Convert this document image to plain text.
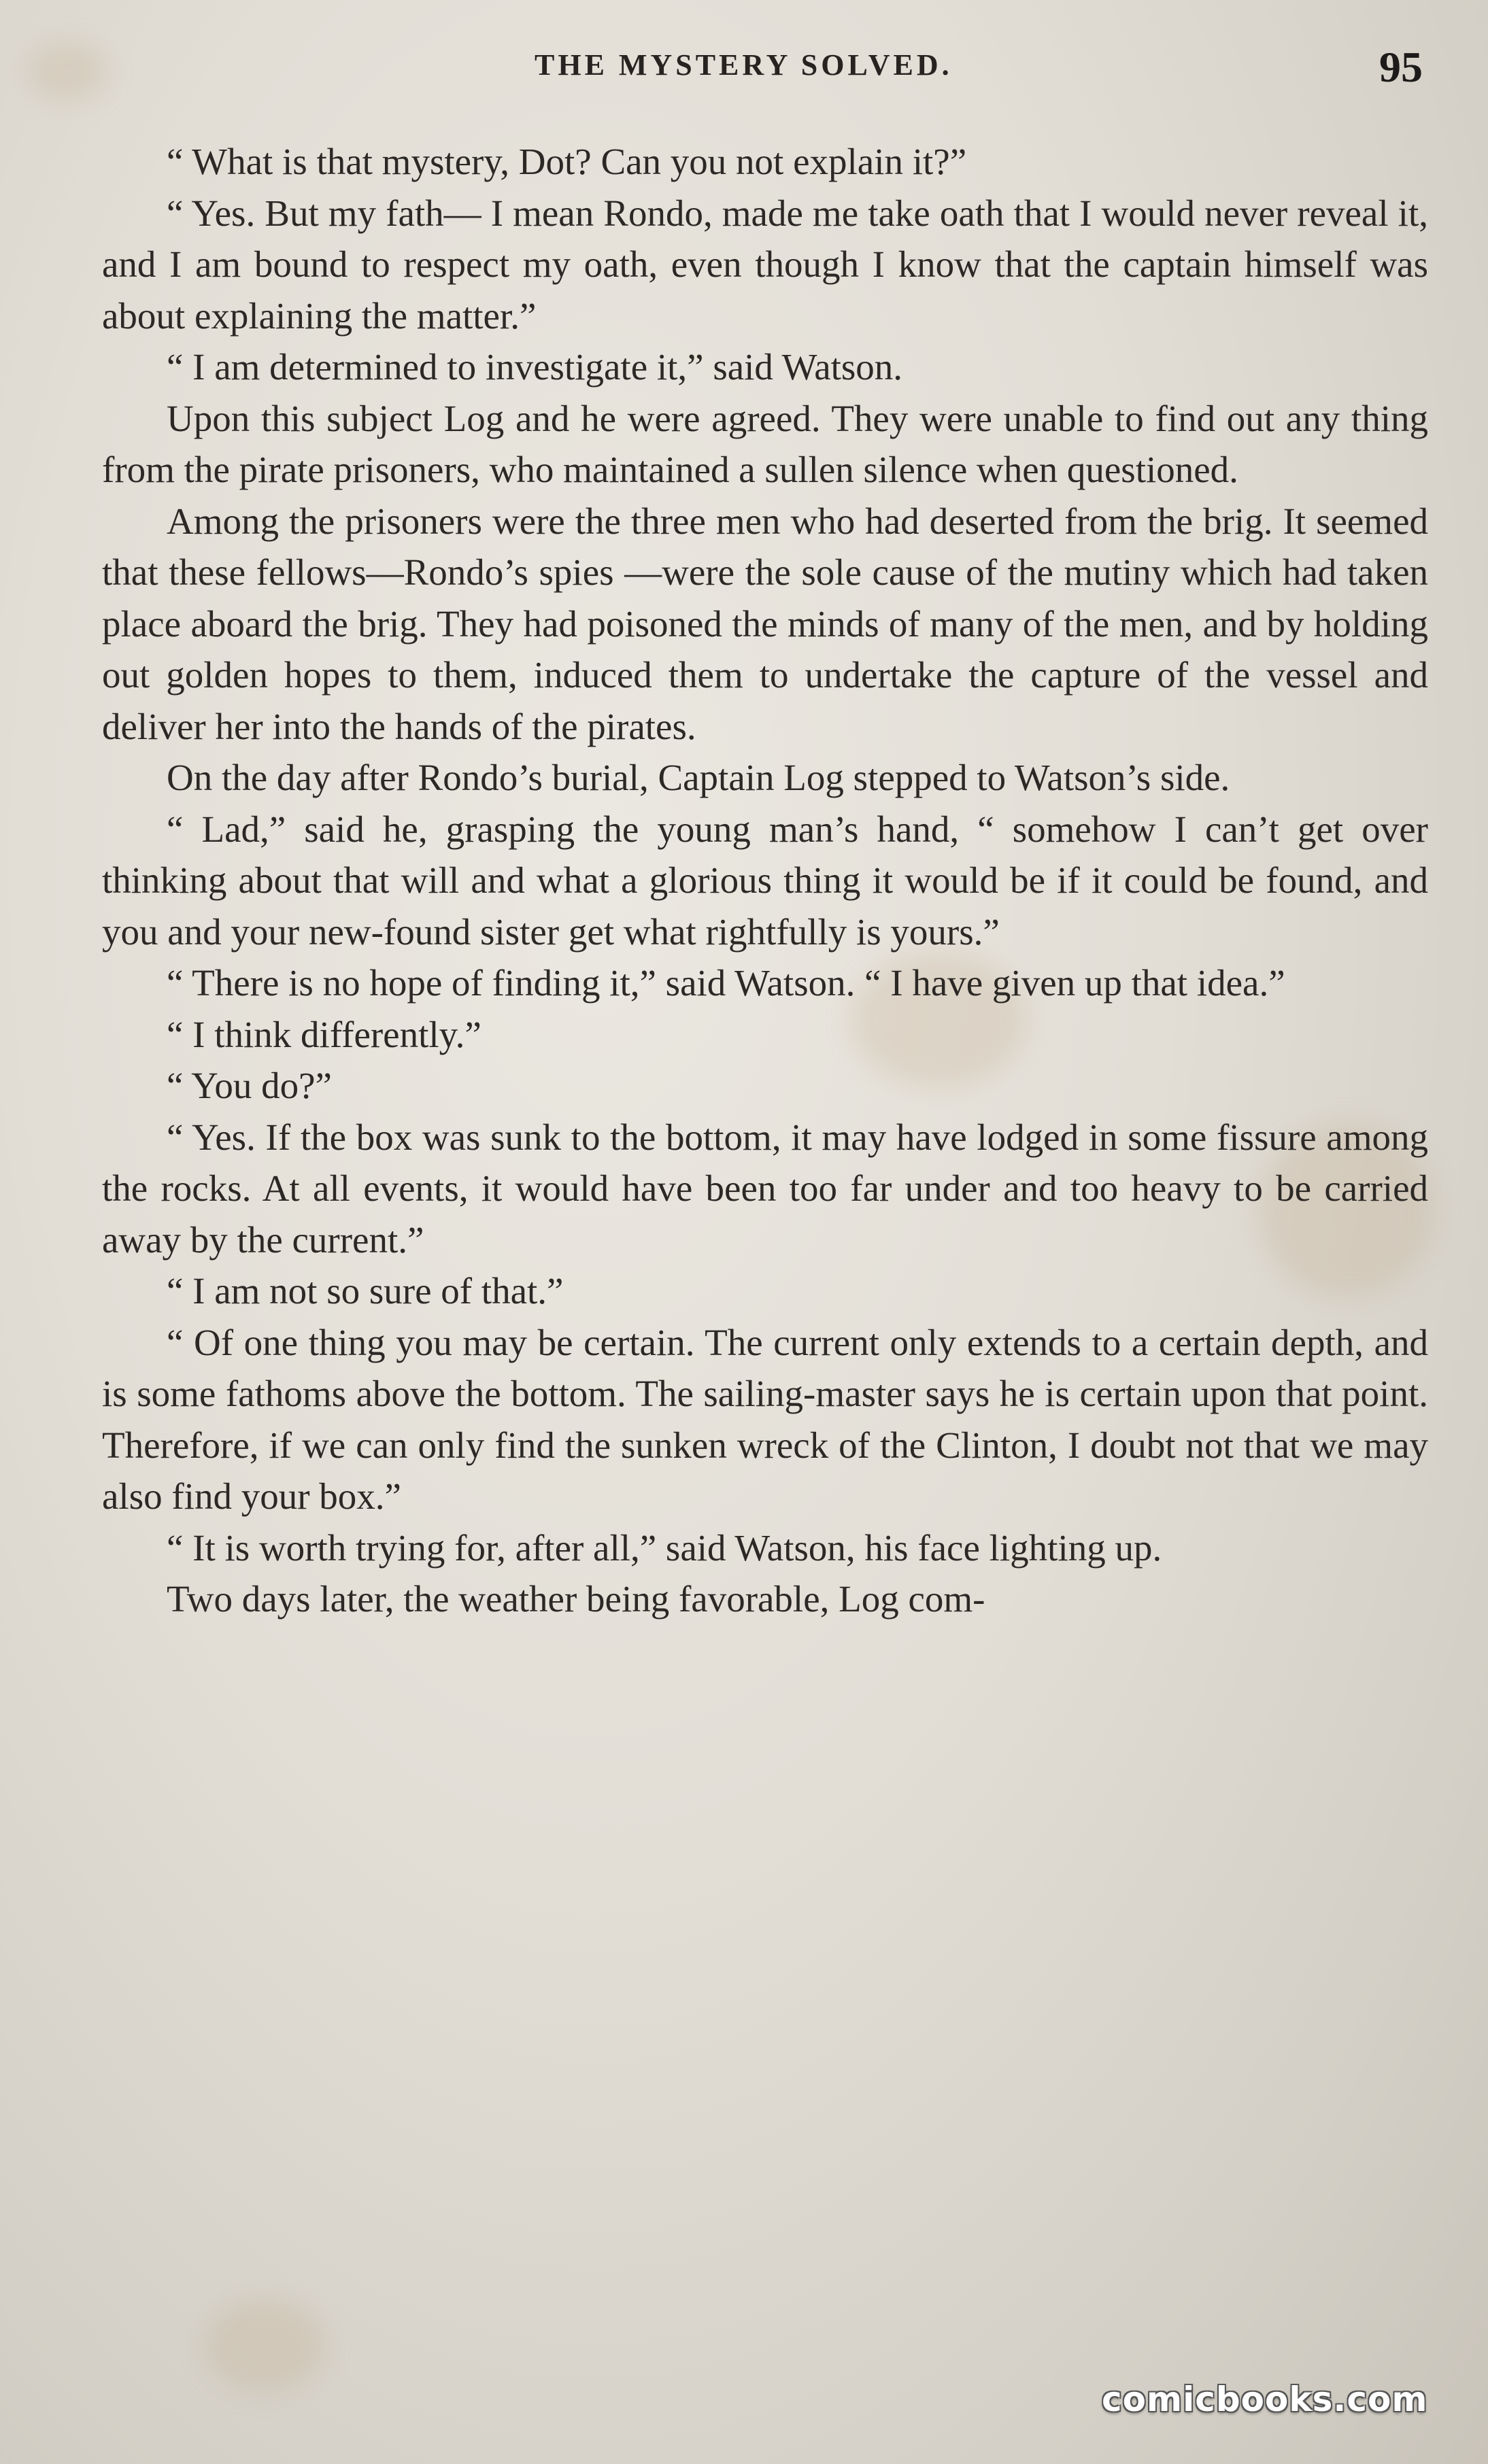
THE MYSTERY SOLVED.	95

“ What is that mystery, Dot? Can you not explain it?”

“ Yes. But my fath— I mean Rondo, made me take oath that I would never reveal it, and I am bound to respect my oath, even though I know that the captain himself was about explaining the matter.”

“ I am determined to investigate it,” said Watson.

Upon this subject Log and he were agreed. They were unable to find out any thing from the pirate prisoners, who maintained a sullen silence when questioned.

Among the prisoners were the three men who had deserted from the brig. It seemed that these fellows—Rondo’s spies —were the sole cause of the mutiny which had taken place aboard the brig. They had poisoned the minds of many of the men, and by holding out golden hopes to them, induced them to undertake the capture of the vessel and deliver her into the hands of the pirates.

On the day after Rondo’s burial, Captain Log stepped to Watson’s side.

“ Lad,” said he, grasping the young man’s hand, “ somehow I can’t get over thinking about that will and what a glorious thing it would be if it could be found, and you and your new-found sister get what rightfully is yours.”

“ There is no hope of finding it,” said Watson. “ I have given up that idea.”

“ I think differently.”

“ You do?”

“ Yes. If the box was sunk to the bottom, it may have lodged in some fissure among the rocks. At all events, it would have been too far under and too heavy to be carried away by the current.”

“ I am not so sure of that.”

“ Of one thing you may be certain. The current only extends to a certain depth, and is some fathoms above the bottom. The sailing-master says he is certain upon that point. Therefore, if we can only find the sunken wreck of the Clinton, I doubt not that we may also find your box.”

“ It is worth trying for, after all,” said Watson, his face lighting up.

Two days later, the weather being favorable, Log com-

comicbooks.com
